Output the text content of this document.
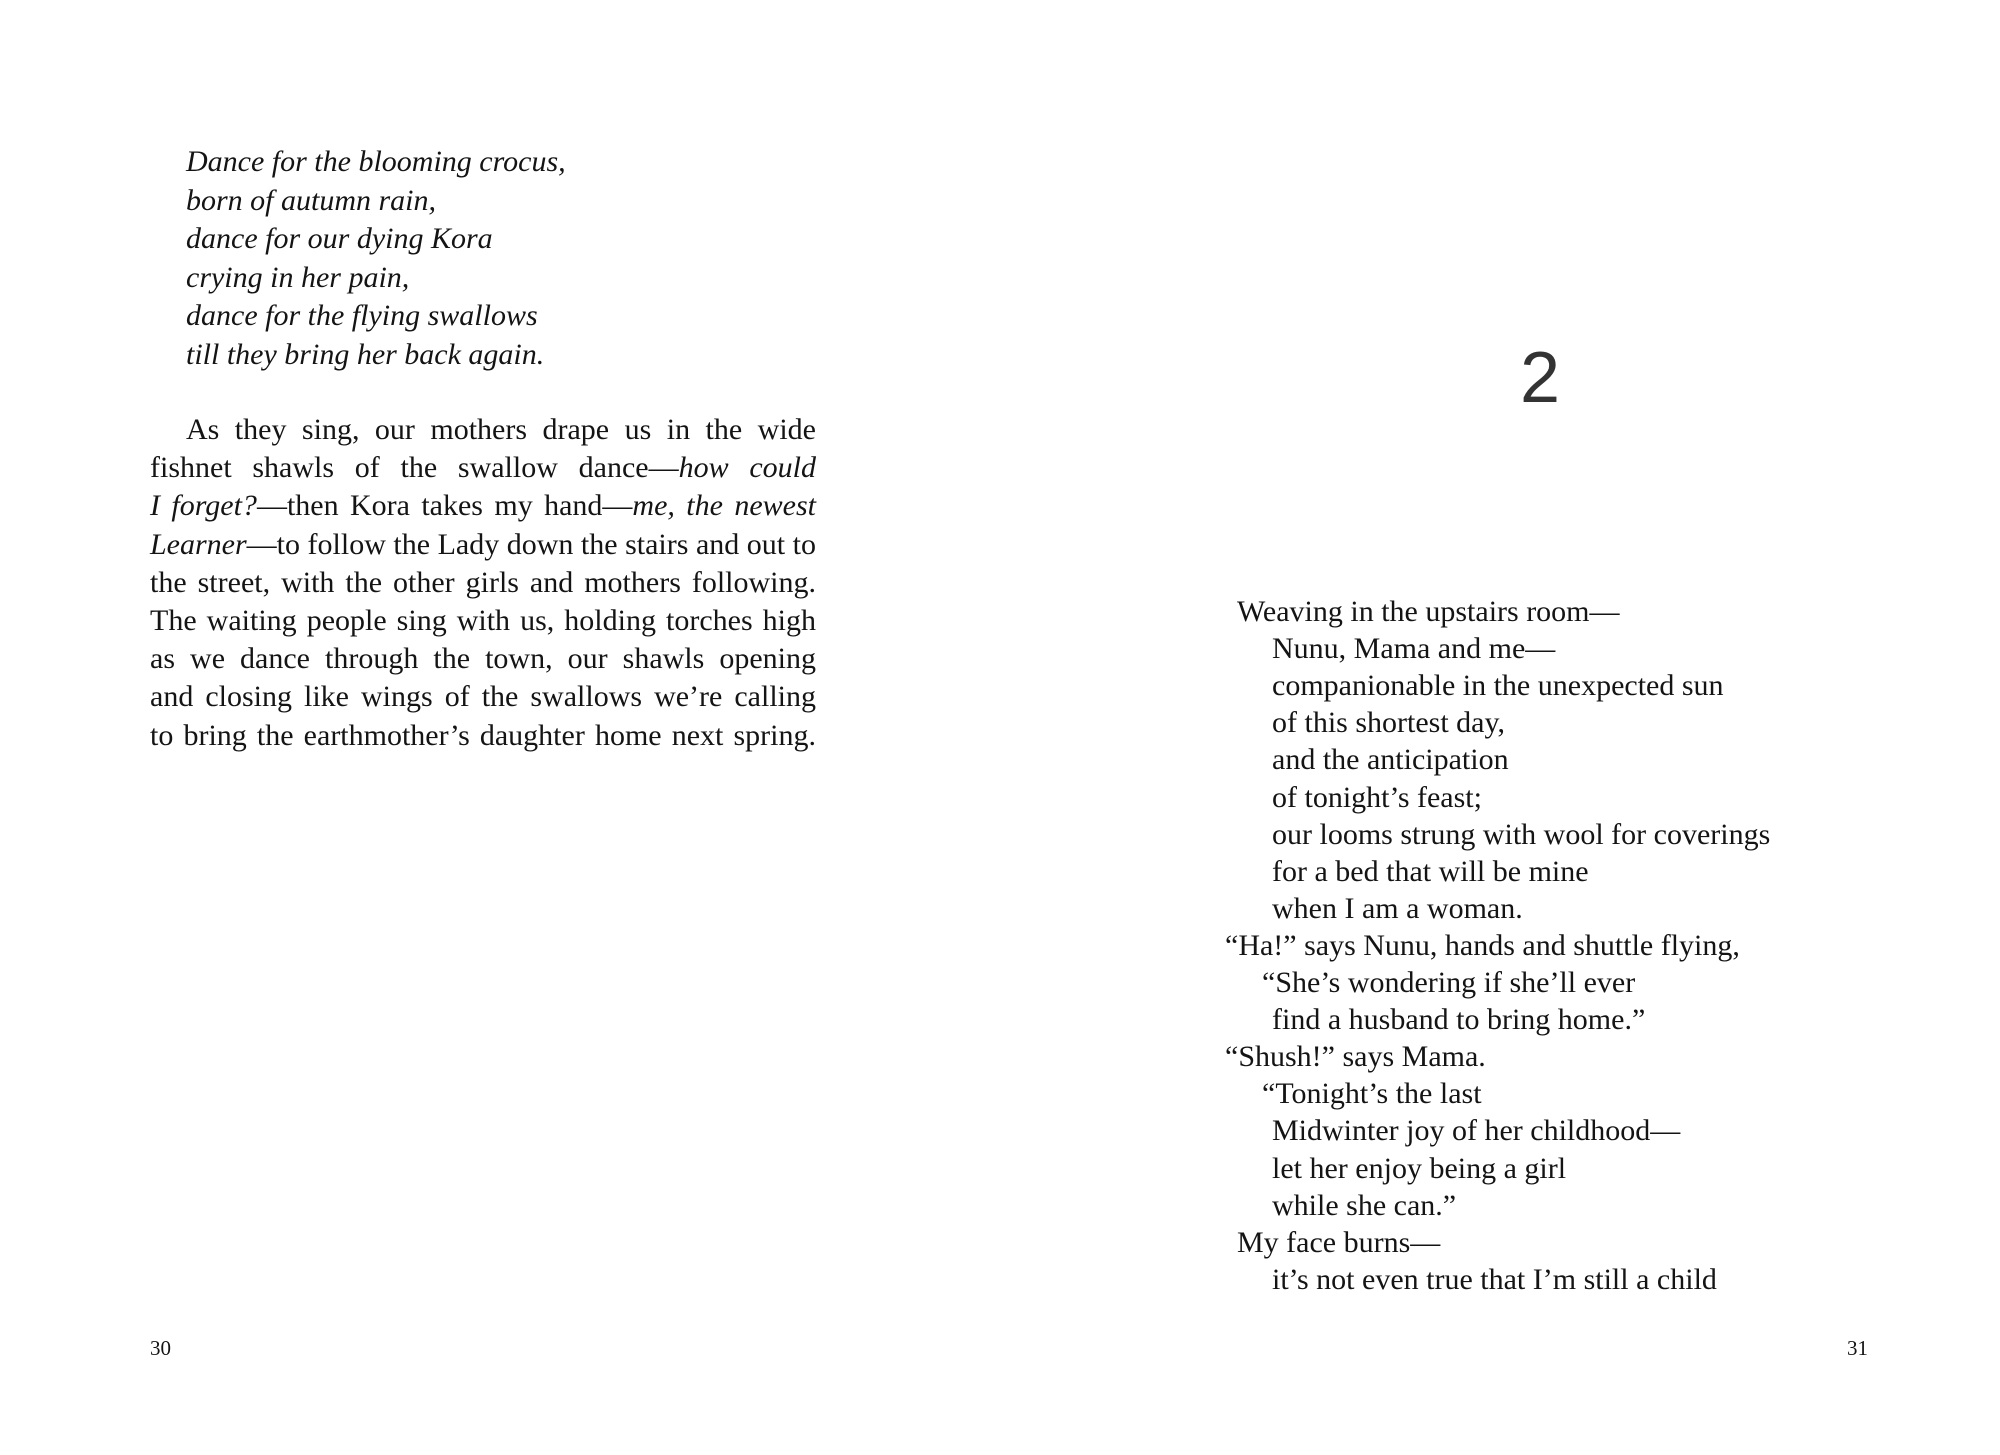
Dance for the blooming crocus,
born of autumn rain,
dance for our dying Kora
crying in her pain,
dance for the flying swallows
till they bring her back again.
As they sing, our mothers drape us in the wide
fishnet shawls of the swallow dance—how could
I forget?—then Kora takes my hand—me, the newest
Learner—to follow the Lady down the stairs and out to
the street, with the other girls and mothers following.
The waiting people sing with us, holding torches high
as we dance through the town, our shawls opening
and closing like wings of the swallows we’re calling
to bring the earthmother’s daughter home next spring.
30
2
Weaving in the upstairs room—
Nunu, Mama and me—
companionable in the unexpected sun
of this shortest day,
and the anticipation
of tonight’s feast;
our looms strung with wool for coverings
for a bed that will be mine
when I am a woman.
“Ha!” says Nunu, hands and shuttle flying,
“She’s wondering if she’ll ever
find a husband to bring home.”
“Shush!” says Mama.
“Tonight’s the last
Midwinter joy of her childhood—
let her enjoy being a girl
while she can.”
My face burns—
it’s not even true that I’m still a child
31
